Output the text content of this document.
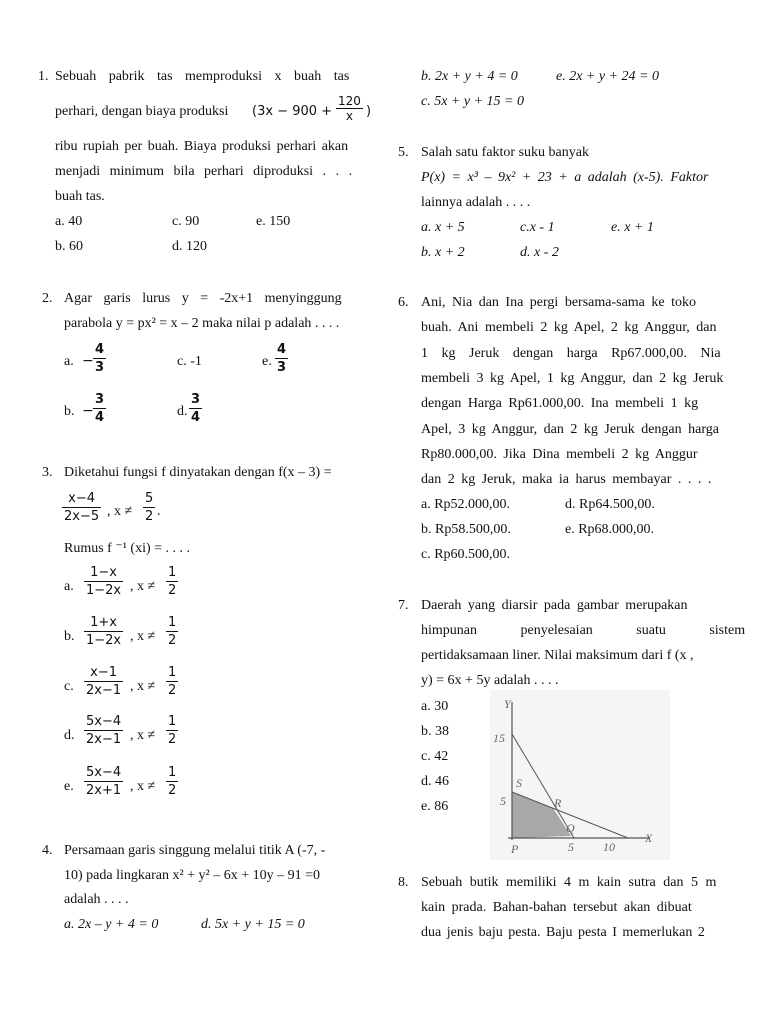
1. Sebuah pabrik tas memproduksi x buah tas
perhari, dengan biaya produksi ($3x - 900 + \frac{120}{x}$ )
ribu rupiah per buah. Biaya produksi perhari akan
menjadi minimum bila perhari diproduksi . . .
buah tas.
a. 40	c. 90	e. 150
b. 60	d. 120
2. Agar garis lurus y = -2x+1 menyinggung
parabola y = px² = x – 2 maka nilai p adalah . . . .
a. − $\frac{4}{3}$	c. -1	e. $\frac{4}{3}$
b. − $\frac{3}{4}$	d. $\frac{3}{4}$
3. Diketahui fungsi f dinyatakan dengan f(x – 3) =
$\frac{x-4}{2x-5}$ , $x \ne \frac{5}{2}$ .
Rumus f ⁻¹ (xi) = . . . .
a. $\frac{1-x}{1-2x}$ , $x \ne \frac{1}{2}$
b. $\frac{1+x}{1-2x}$ , $x \ne \frac{1}{2}$
c. $\frac{x-1}{2x-1}$ , $x \ne \frac{1}{2}$
d. $\frac{5x-4}{2x-1}$ , $x \ne \frac{1}{2}$
e. $\frac{5x-4}{2x+1}$ , $x \ne \frac{1}{2}$
4. Persamaan garis singgung melalui titik A (-7, -
10) pada lingkaran x² + y² – 6x + 10y – 91 =0
adalah . . . .
a. 2x – y + 4 = 0	d. 5x + y + 15 = 0
b. 2x + y + 4 = 0	e. 2x + y + 24 = 0
c. 5x + y + 15 = 0
5. Salah satu faktor suku banyak
P(x) = x³ – 9x² + 23 + a adalah (x-5). Faktor
lainnya adalah . . . .
a. x + 5	c.x - 1	e. x + 1
b. x + 2	d. x - 2
6. Ani, Nia dan Ina pergi bersama-sama ke toko
buah. Ani membeli 2 kg Apel, 2 kg Anggur, dan
1 kg Jeruk dengan harga Rp67.000,00. Nia
membeli 3 kg Apel, 1 kg Anggur, dan 2 kg Jeruk
dengan Harga Rp61.000,00. Ina membeli 1 kg
Apel, 3 kg Anggur, dan 2 kg Jeruk dengan harga
Rp80.000,00. Jika Dina membeli 2 kg Anggur
dan 2 kg Jeruk, maka ia harus membayar . . . .
a. Rp52.000,00.	d. Rp64.500,00.
b. Rp58.500,00.	e. Rp68.000,00.
c. Rp60.500,00.
7. Daerah yang diarsir pada gambar merupakan
himpunan penyelesaian suatu sistem
pertidaksamaan liner. Nilai maksimum dari f (x ,
y) = 6x + 5y adalah . . . .
a. 30
b. 38
c. 42
d. 46
e. 86
Y
X
15
5
5 10
P
Q
R
S
8. Sebuah butik memiliki 4 m kain sutra dan 5 m
kain prada. Bahan-bahan tersebut akan dibuat
dua jenis baju pesta. Baju pesta I memerlukan 2
